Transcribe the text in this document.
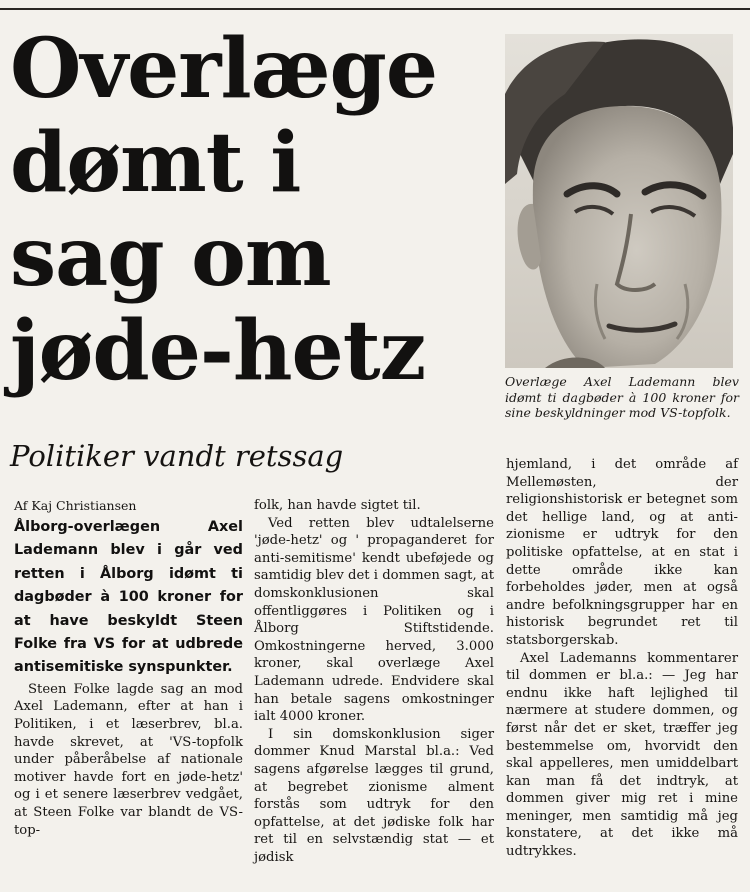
Overlæge
dømt i
sag om
jøde-hetz	Overlæge Axel Lademann blev idømt ti dagbøder à 100 kroner for sine beskyldninger mod VS-topfolk.
Politiker vandt retssag
Af Kaj Christiansen
Ålborg-overlægen Axel Lademann blev i går ved retten i Ålborg idømt ti dagbøder à 100 kroner for at have beskyldt Steen Folke fra VS for at udbrede antisemitiske synspunkter.

Steen Folke lagde sag an mod Axel Lademann, efter at han i Politiken, i et læserbrev, bl.a. havde skrevet, at 'VS-topfolk under påberåbelse af nationale motiver havde fort en jøde-hetz' og i et senere læserbrev vedgået, at Steen Folke var blandt de VS-top-

folk, han havde sigtet til.

Ved retten blev udtalelserne 'jøde-hetz' og ' propaganderet for anti-semitisme' kendt ubeføjede og samtidig blev det i dommen sagt, at domskonklusionen skal offentliggøres i Politiken og i Ålborg Stiftstidende. Omkostningerne herved, 3.000 kroner, skal overlæge Axel Lademann udrede. Endvidere skal han betale sagens omkostninger ialt 4000 kroner.

I sin domskonklusion siger dommer Knud Marstal bl.a.: Ved sagens afgørelse lægges til grund, at begrebet zionisme alment forstås som udtryk for den opfattelse, at det jødiske folk har ret til en selvstændig stat — et jødisk

hjemland, i det område af Mellemøsten, der religionshistorisk er betegnet som det hellige land, og at anti-zionisme er udtryk for den politiske opfattelse, at en stat i dette område ikke kan forbeholdes jøder, men at også andre befolkningsgrupper har en historisk begrundet ret til statsborgerskab.

Axel Lademanns kommentarer til dommen er bl.a.: — Jeg har endnu ikke haft lejlighed til nærmere at studere dommen, og først når det er sket, træffer jeg bestemmelse om, hvorvidt den skal appelleres, men umiddelbart kan man få det indtryk, at dommen giver mig ret i mine meninger, men samtidig må jeg konstatere, at det ikke må udtrykkes.
